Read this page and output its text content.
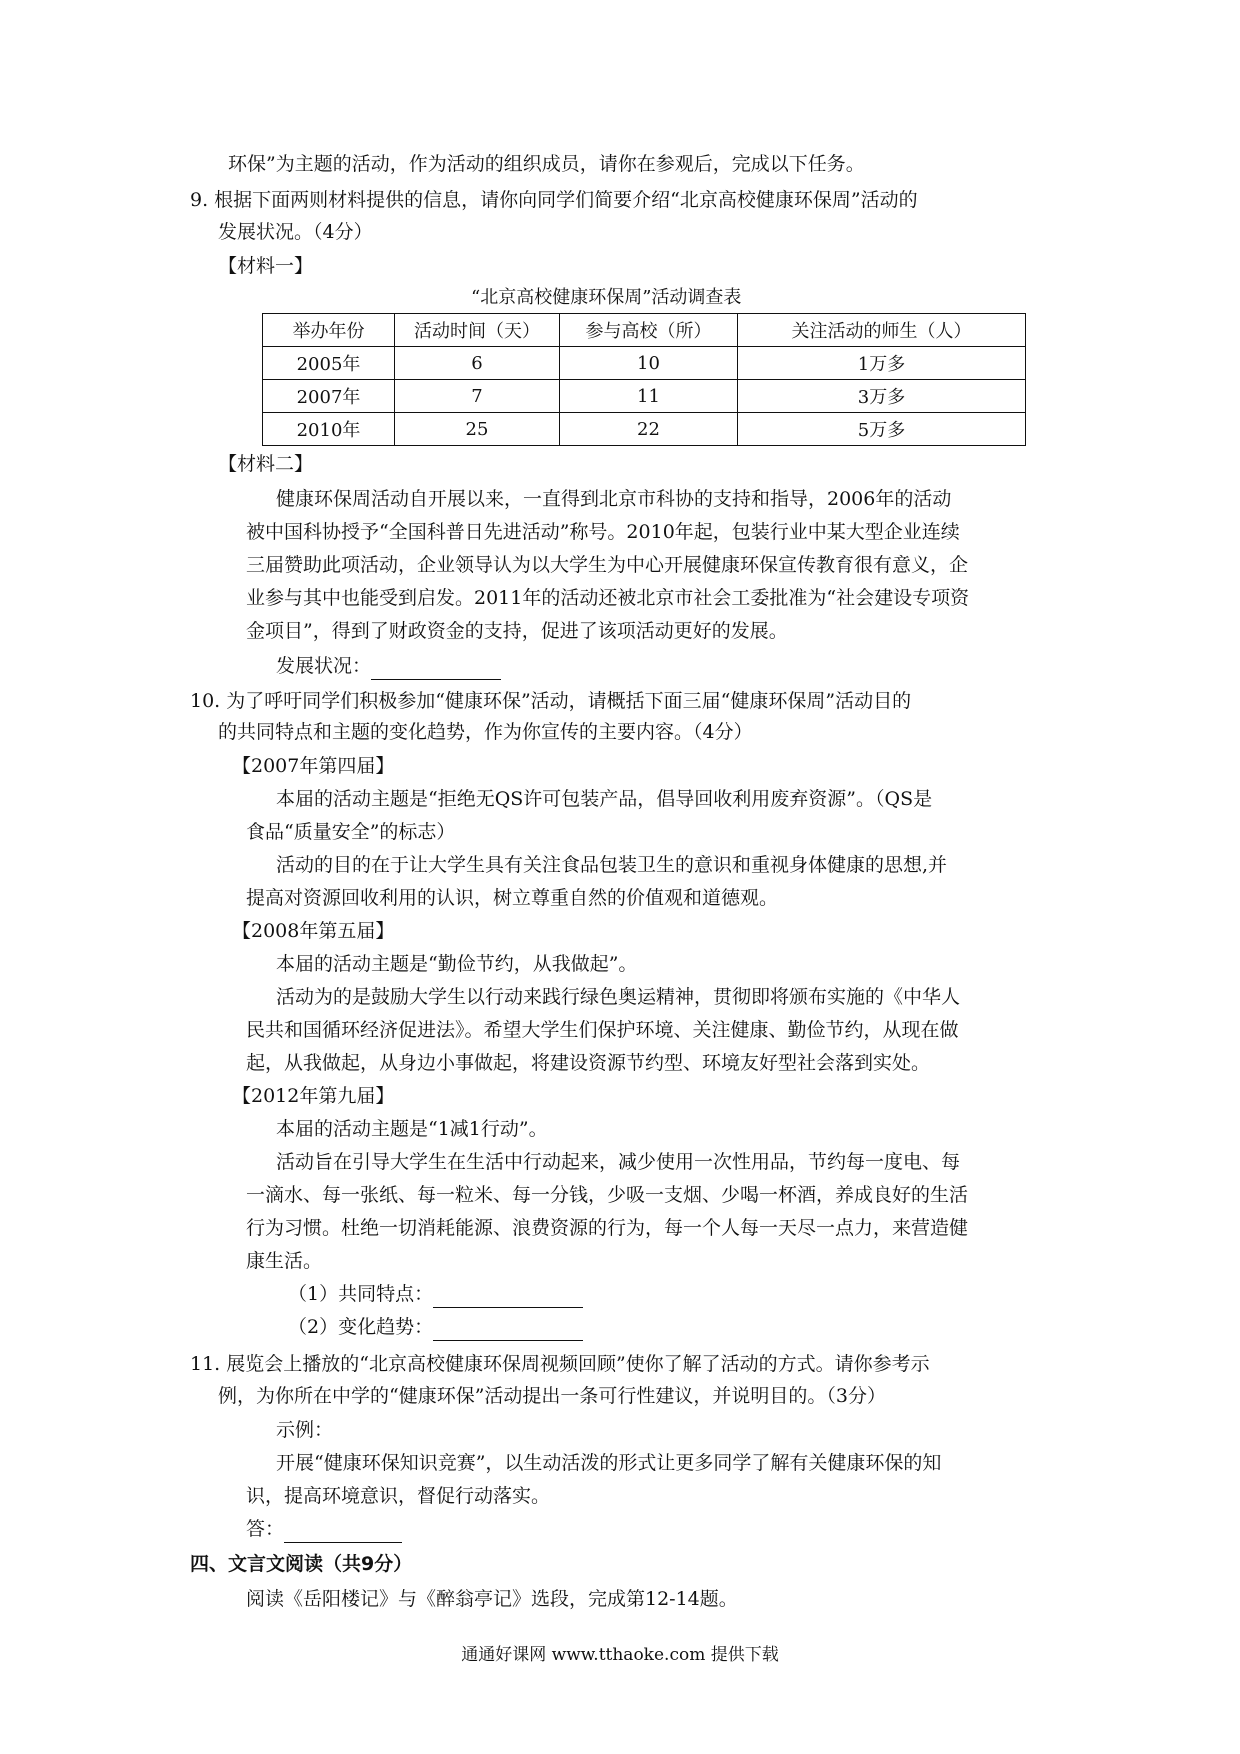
环保”为主题的活动，作为活动的组织成员，请你在参观后，完成以下任务。
9. 根据下面两则材料提供的信息，请你向同学们简要介绍“北京高校健康环保周”活动的
发展状况。（4分）
【材料一】
“北京高校健康环保周”活动调查表
举办年份	活动时间（天）	参与高校（所）	关注活动的师生（人）
2005年	6	10	1万多
2007年	7	11	3万多
2010年	25	22	5万多
【材料二】
健康环保周活动自开展以来，一直得到北京市科协的支持和指导，2006年的活动
被中国科协授予“全国科普日先进活动”称号。2010年起，包装行业中某大型企业连续
三届赞助此项活动，企业领导认为以大学生为中心开展健康环保宣传教育很有意义，企
业参与其中也能受到启发。2011年的活动还被北京市社会工委批准为“社会建设专项资
金项目”，得到了财政资金的支持，促进了该项活动更好的发展。
发展状况：
10. 为了呼吁同学们积极参加“健康环保”活动，请概括下面三届“健康环保周”活动目的
的共同特点和主题的变化趋势，作为你宣传的主要内容。（4分）
【2007年第四届】
本届的活动主题是“拒绝无QS许可包装产品，倡导回收利用废弃资源”。（QS是
食品“质量安全”的标志）
活动的目的在于让大学生具有关注食品包装卫生的意识和重视身体健康的思想,并
提高对资源回收利用的认识，树立尊重自然的价值观和道德观。
【2008年第五届】
本届的活动主题是“勤俭节约，从我做起”。
活动为的是鼓励大学生以行动来践行绿色奥运精神，贯彻即将颁布实施的《中华人
民共和国循环经济促进法》。希望大学生们保护环境、关注健康、勤俭节约，从现在做
起，从我做起，从身边小事做起，将建设资源节约型、环境友好型社会落到实处。
【2012年第九届】
本届的活动主题是“1减1行动”。
活动旨在引导大学生在生活中行动起来，减少使用一次性用品，节约每一度电、每
一滴水、每一张纸、每一粒米、每一分钱，少吸一支烟、少喝一杯酒，养成良好的生活
行为习惯。杜绝一切消耗能源、浪费资源的行为，每一个人每一天尽一点力，来营造健
康生活。
（1）共同特点：
（2）变化趋势：
11. 展览会上播放的“北京高校健康环保周视频回顾”使你了解了活动的方式。请你参考示
例，为你所在中学的“健康环保”活动提出一条可行性建议，并说明目的。（3分）
示例：
开展“健康环保知识竞赛”，以生动活泼的形式让更多同学了解有关健康环保的知
识，提高环境意识，督促行动落实。
答：
四、文言文阅读（共9分）
阅读《岳阳楼记》与《醉翁亭记》选段，完成第12-14题。
通通好课网 www.tthaoke.com 提供下载
